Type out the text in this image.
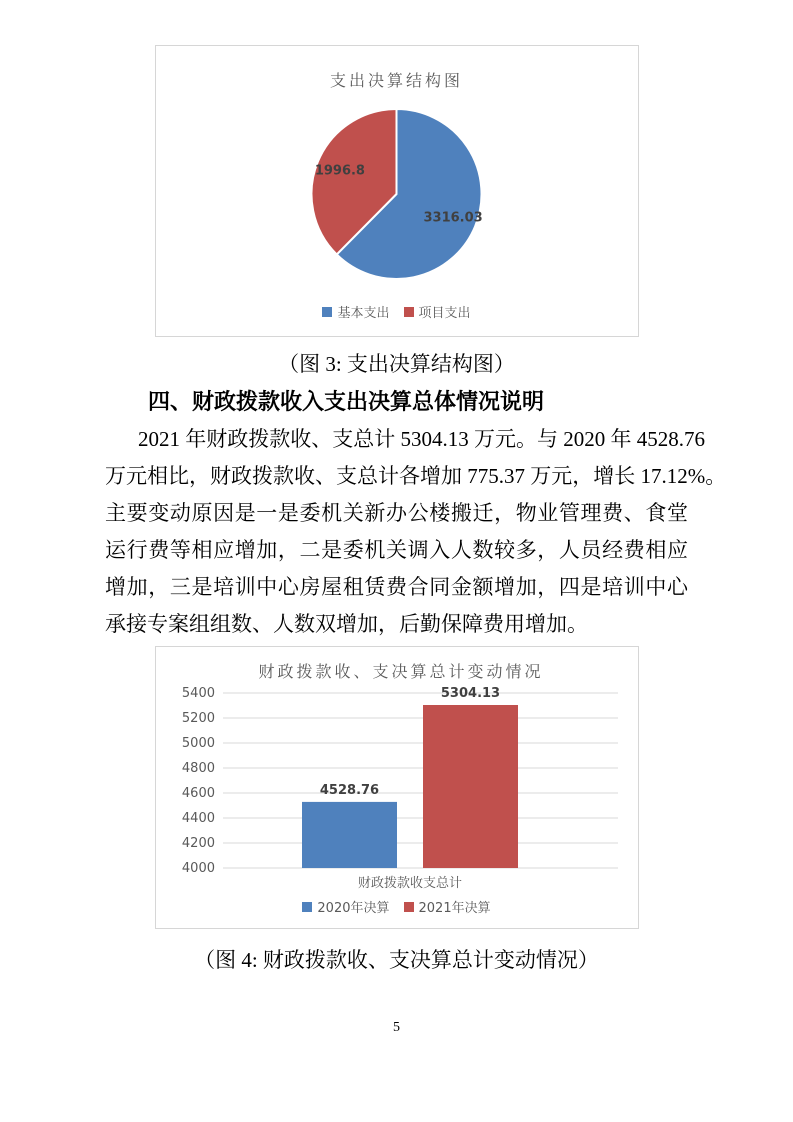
支出决算结构图
3316.03
1996.8
基本支出 项目支出
（图 3: 支出决算结构图）
四、财政拨款收入支出决算总体情况说明
2021 年财政拨款收、支总计 5304.13 万元。与 2020 年 4528.76
万元相比，财政拨款收、支总计各增加 775.37 万元，增长 17.12%。
主要变动原因是一是委机关新办公楼搬迁，物业管理费、食堂
运行费等相应增加，二是委机关调入人数较多，人员经费相应
增加，三是培训中心房屋租赁费合同金额增加，四是培训中心
承接专案组组数、人数双增加，后勤保障费用增加。
财政拨款收、支决算总计变动情况
4000
4200
4400
4600
4800
5000
5200
5400
4528.76
5304.13
财政拨款收支总计
2020年决算 2021年决算
（图 4: 财政拨款收、支决算总计变动情况）
5
